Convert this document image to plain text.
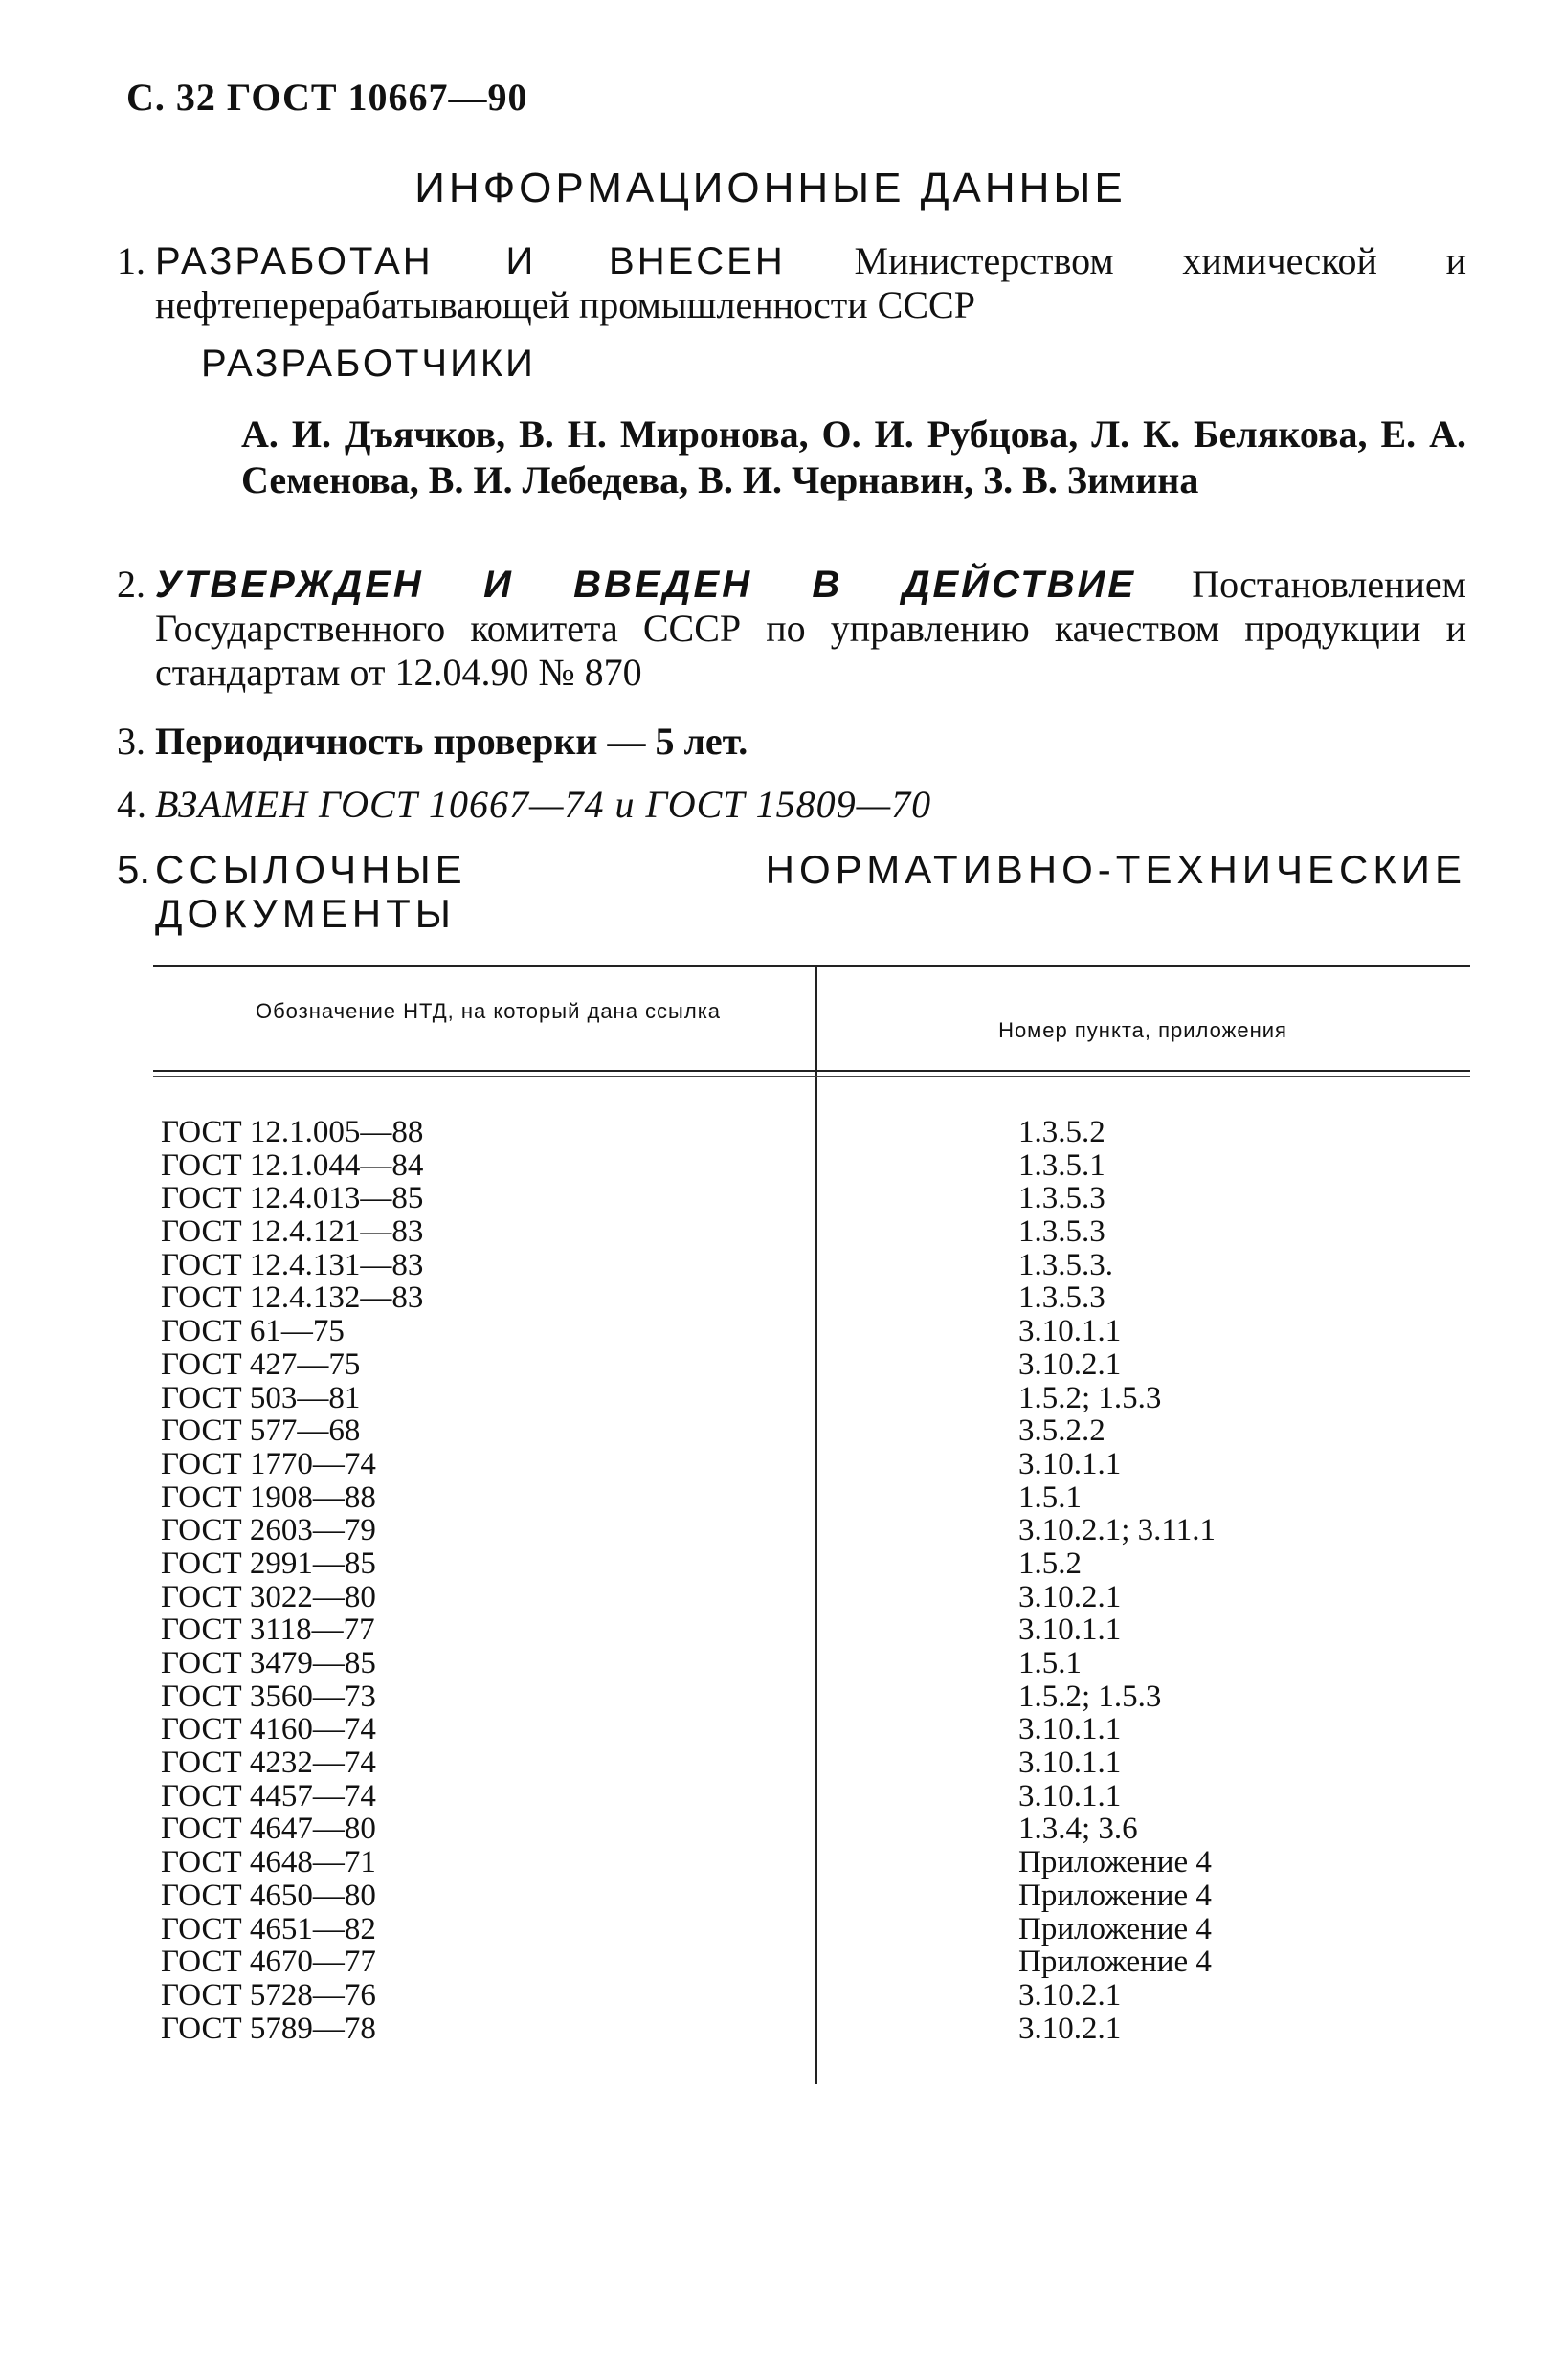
С. 32 ГОСТ 10667—90
ИНФОРМАЦИОННЫЕ ДАННЫЕ
1. РАЗРАБОТАН И ВНЕСЕН Министерством химической и нефтеперерабатывающей промышленности СССР
РАЗРАБОТЧИКИ
А. И. Дъячков, В. Н. Миронова, О. И. Рубцова, Л. К. Белякова, Е. А. Семенова, В. И. Лебедева, В. И. Чернавин, З. В. Зимина
2. УТВЕРЖДЕН И ВВЕДЕН В ДЕЙСТВИЕ Постановлением Государственного комитета СССР по управлению качеством продукции и стандартам от 12.04.90 № 870
3. Периодичность проверки — 5 лет.
4. ВЗАМЕН ГОСТ 10667—74 и ГОСТ 15809—70
5. ССЫЛОЧНЫЕ НОРМАТИВНО-ТЕХНИЧЕСКИЕ ДОКУМЕНТЫ
Обозначение НТД, на который дана ссылка
Номер пункта, приложения
ГОСТ 12.1.005—88	1.3.5.2
ГОСТ 12.1.044—84	1.3.5.1
ГОСТ 12.4.013—85	1.3.5.3
ГОСТ 12.4.121—83	1.3.5.3
ГОСТ 12.4.131—83	1.3.5.3.
ГОСТ 12.4.132—83	1.3.5.3
ГОСТ 61—75	3.10.1.1
ГОСТ 427—75	3.10.2.1
ГОСТ 503—81	1.5.2; 1.5.3
ГОСТ 577—68	3.5.2.2
ГОСТ 1770—74	3.10.1.1
ГОСТ 1908—88	1.5.1
ГОСТ 2603—79	3.10.2.1; 3.11.1
ГОСТ 2991—85	1.5.2
ГОСТ 3022—80	3.10.2.1
ГОСТ 3118—77	3.10.1.1
ГОСТ 3479—85	1.5.1
ГОСТ 3560—73	1.5.2; 1.5.3
ГОСТ 4160—74	3.10.1.1
ГОСТ 4232—74	3.10.1.1
ГОСТ 4457—74	3.10.1.1
ГОСТ 4647—80	1.3.4; 3.6
ГОСТ 4648—71	Приложение 4
ГОСТ 4650—80	Приложение 4
ГОСТ 4651—82	Приложение 4
ГОСТ 4670—77	Приложение 4
ГОСТ 5728—76	3.10.2.1
ГОСТ 5789—78	3.10.2.1
